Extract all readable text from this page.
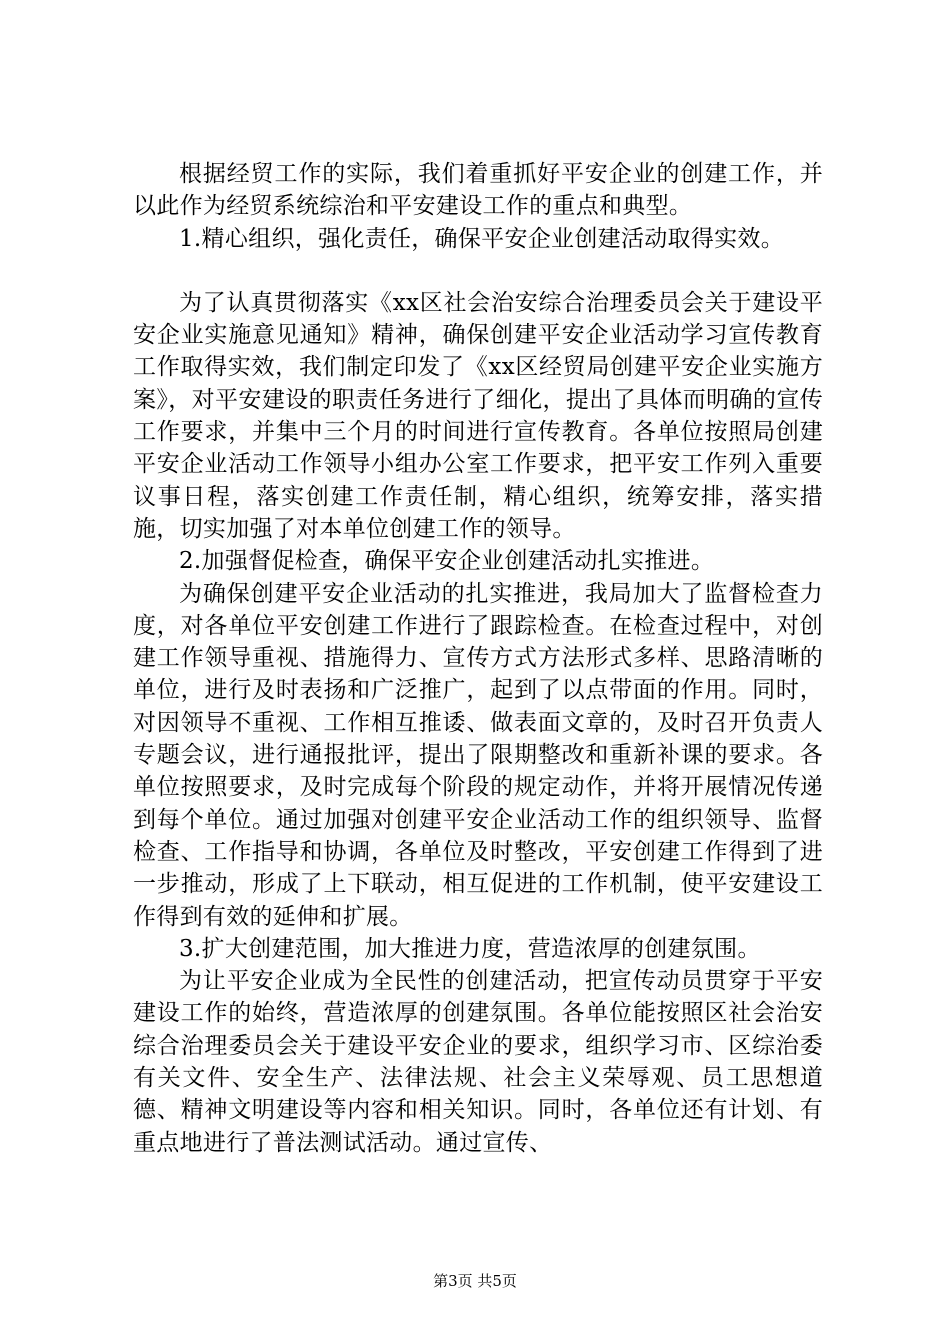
根据经贸工作的实际，我们着重抓好平安企业的创建工作，并以此作为经贸系统综治和平安建设工作的重点和典型。

1.精心组织，强化责任，确保平安企业创建活动取得实效。

为了认真贯彻落实《xx区社会治安综合治理委员会关于建设平安企业实施意见通知》精神，确保创建平安企业活动学习宣传教育工作取得实效，我们制定印发了《xx区经贸局创建平安企业实施方案》，对平安建设的职责任务进行了细化，提出了具体而明确的宣传工作要求，并集中三个月的时间进行宣传教育。各单位按照局创建平安企业活动工作领导小组办公室工作要求，把平安工作列入重要议事日程，落实创建工作责任制，精心组织，统筹安排，落实措施，切实加强了对本单位创建工作的领导。

2.加强督促检查，确保平安企业创建活动扎实推进。

为确保创建平安企业活动的扎实推进，我局加大了监督检查力度，对各单位平安创建工作进行了跟踪检查。在检查过程中，对创建工作领导重视、措施得力、宣传方式方法形式多样、思路清晰的单位，进行及时表扬和广泛推广，起到了以点带面的作用。同时，对因领导不重视、工作相互推诿、做表面文章的，及时召开负责人专题会议，进行通报批评，提出了限期整改和重新补课的要求。各单位按照要求，及时完成每个阶段的规定动作，并将开展情况传递到每个单位。通过加强对创建平安企业活动工作的组织领导、监督检查、工作指导和协调，各单位及时整改，平安创建工作得到了进一步推动，形成了上下联动，相互促进的工作机制，使平安建设工作得到有效的延伸和扩展。

3.扩大创建范围，加大推进力度，营造浓厚的创建氛围。

为让平安企业成为全民性的创建活动，把宣传动员贯穿于平安建设工作的始终，营造浓厚的创建氛围。各单位能按照区社会治安综合治理委员会关于建设平安企业的要求，组织学习市、区综治委有关文件、安全生产、法律法规、社会主义荣辱观、员工思想道德、精神文明建设等内容和相关知识。同时，各单位还有计划、有重点地进行了普法测试活动。通过宣传、

第3页 共5页
